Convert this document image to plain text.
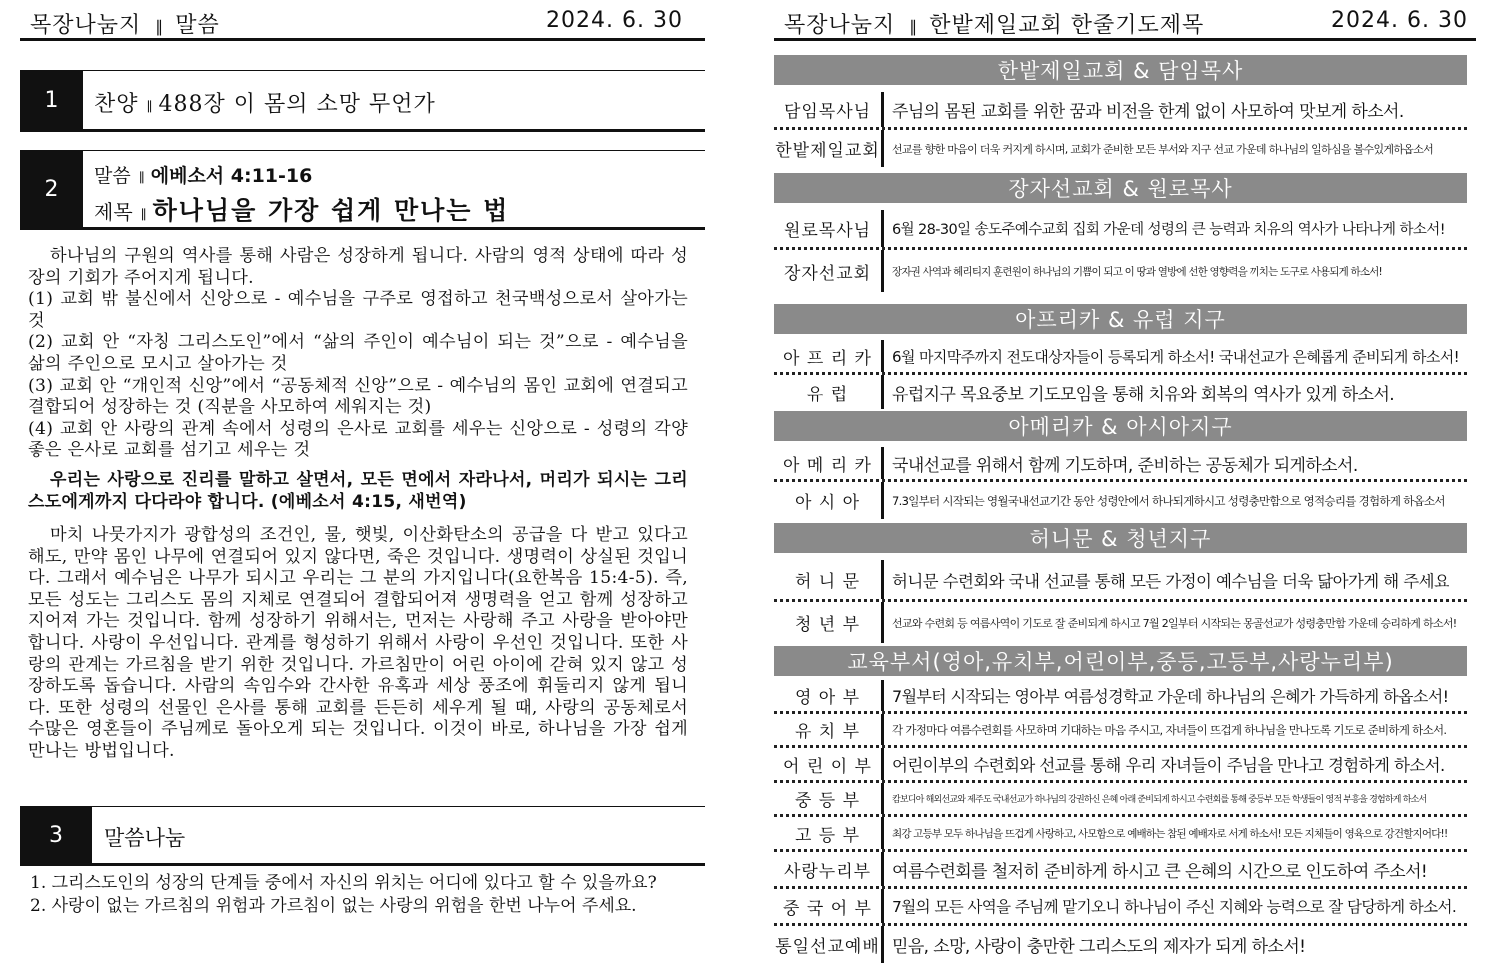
목장나눔지 ∥ 말씀	2024. 6. 30
1	찬양 ∥ 488장 이 몸의 소망 무언가
2
말씀 ∥ 에베소서 4:11-16
제목 ∥ 하나님을 가장 쉽게 만나는 법

하나님의 구원의 역사를 통해 사람은 성장하게 됩니다. 사람의 영적 상태에 따라 성장의 기회가 주어지게 됩니다.

(1) 교회 밖 불신에서 신앙으로 - 예수님을 구주로 영접하고 천국백성으로서 살아가는 것

(2) 교회 안 “자칭 그리스도인”에서 “삶의 주인이 예수님이 되는 것”으로 - 예수님을 삶의 주인으로 모시고 살아가는 것

(3) 교회 안 “개인적 신앙”에서 “공동체적 신앙”으로 - 예수님의 몸인 교회에 연결되고 결합되어 성장하는 것 (직분을 사모하여 세워지는 것)

(4) 교회 안 사랑의 관계 속에서 성령의 은사로 교회를 세우는 신앙으로 - 성령의 각양 좋은 은사로 교회를 섬기고 세우는 것

우리는 사랑으로 진리를 말하고 살면서, 모든 면에서 자라나서, 머리가 되시는 그리스도에게까지 다다라야 합니다. (에베소서 4:15, 새번역)

마치 나뭇가지가 광합성의 조건인, 물, 햇빛, 이산화탄소의 공급을 다 받고 있다고 해도, 만약 몸인 나무에 연결되어 있지 않다면, 죽은 것입니다. 생명력이 상실된 것입니다. 그래서 예수님은 나무가 되시고 우리는 그 분의 가지입니다(요한복음 15:4-5). 즉, 모든 성도는 그리스도 몸의 지체로 연결되어 결합되어져 생명력을 얻고 함께 성장하고 지어져 가는 것입니다. 함께 성장하기 위해서는, 먼저는 사랑해 주고 사랑을 받아야만 합니다. 사랑이 우선입니다. 관계를 형성하기 위해서 사랑이 우선인 것입니다. 또한 사랑의 관계는 가르침을 받기 위한 것입니다. 가르침만이 어린 아이에 갇혀 있지 않고 성장하도록 돕습니다. 사람의 속임수와 간사한 유혹과 세상 풍조에 휘둘리지 않게 됩니다. 또한 성령의 선물인 은사를 통해 교회를 든든히 세우게 될 때, 사랑의 공동체로서 수많은 영혼들이 주님께로 돌아오게 되는 것입니다. 이것이 바로, 하나님을 가장 쉽게 만나는 방법입니다.

3	말씀나눔

1. 그리스도인의 성장의 단계들 중에서 자신의 위치는 어디에 있다고 할 수 있을까요?

2. 사랑이 없는 가르침의 위험과 가르침이 없는 사랑의 위험을 한번 나누어 주세요.

목장나눔지 ∥ 한밭제일교회 한줄기도제목	2024. 6. 30
한밭제일교회 & 담임목사
담임목사님	주님의 몸된 교회를 위한 꿈과 비전을 한계 없이 사모하여 맛보게 하소서.
한밭제일교회	선교를 향한 마음이 더욱 커지게 하시며, 교회가 준비한 모든 부서와 지구 선교 가운데 하나님의 일하심을 볼수있게하옵소서
장자선교회 & 원로목사
원로목사님	6월 28-30일 송도주예수교회 집회 가운데 성령의 큰 능력과 치유의 역사가 나타나게 하소서!
장자선교회	장자권 사역과 헤리티지 훈련원이 하나님의 기쁨이 되고 이 땅과 열방에 선한 영향력을 끼치는 도구로 사용되게 하소서!
아프리카 & 유럽 지구
아 프 리 카	6월 마지막주까지 전도대상자들이 등록되게 하소서! 국내선교가 은혜롭게 준비되게 하소서!
유 럽	유럽지구 목요중보 기도모임을 통해 치유와 회복의 역사가 있게 하소서.
아메리카 & 아시아지구
아 메 리 카	국내선교를 위해서 함께 기도하며, 준비하는 공동체가 되게하소서.
아 시 아	7.3일부터 시작되는 영월국내선교기간 동안 성령안에서 하나되게하시고 성령충만함으로 영적승리를 경험하게 하옵소서
허니문 & 청년지구
허 니 문	허니문 수련회와 국내 선교를 통해 모든 가정이 예수님을 더욱 닮아가게 해 주세요
청 년 부	선교와 수련회 등 여름사역이 기도로 잘 준비되게 하시고 7월 2일부터 시작되는 몽골선교가 성령충만함 가운데 승리하게 하소서!
교육부서(영아,유치부,어린이부,중등,고등부,사랑누리부)
영 아 부	7월부터 시작되는 영아부 여름성경학교 가운데 하나님의 은혜가 가득하게 하옵소서!
유 치 부	각 가정마다 여름수련회를 사모하며 기대하는 마음 주시고, 자녀들이 뜨겁게 하나님을 만나도록 기도로 준비하게 하소서.
어 린 이 부	어린이부의 수련회와 선교를 통해 우리 자녀들이 주님을 만나고 경험하게 하소서.
중 등 부	캄보디아 해외선교와 제주도 국내선교가 하나님의 강권하신 은혜 아래 준비되게 하시고 수련회를 통해 중등부 모든 학생들이 영적 부흥을 경험하게 하소서
고 등 부	최강 고등부 모두 하나님을 뜨겁게 사랑하고, 사모함으로 예배하는 참된 예배자로 서게 하소서! 모든 지체들이 영육으로 강건할지어다!!
사랑누리부	여름수련회를 철저히 준비하게 하시고 큰 은혜의 시간으로 인도하여 주소서!
중 국 어 부	7월의 모든 사역을 주님께 맡기오니 하나님이 주신 지혜와 능력으로 잘 담당하게 하소서.
통일선교예배 믿음, 소망, 사랑이 충만한 그리스도의 제자가 되게 하소서!
